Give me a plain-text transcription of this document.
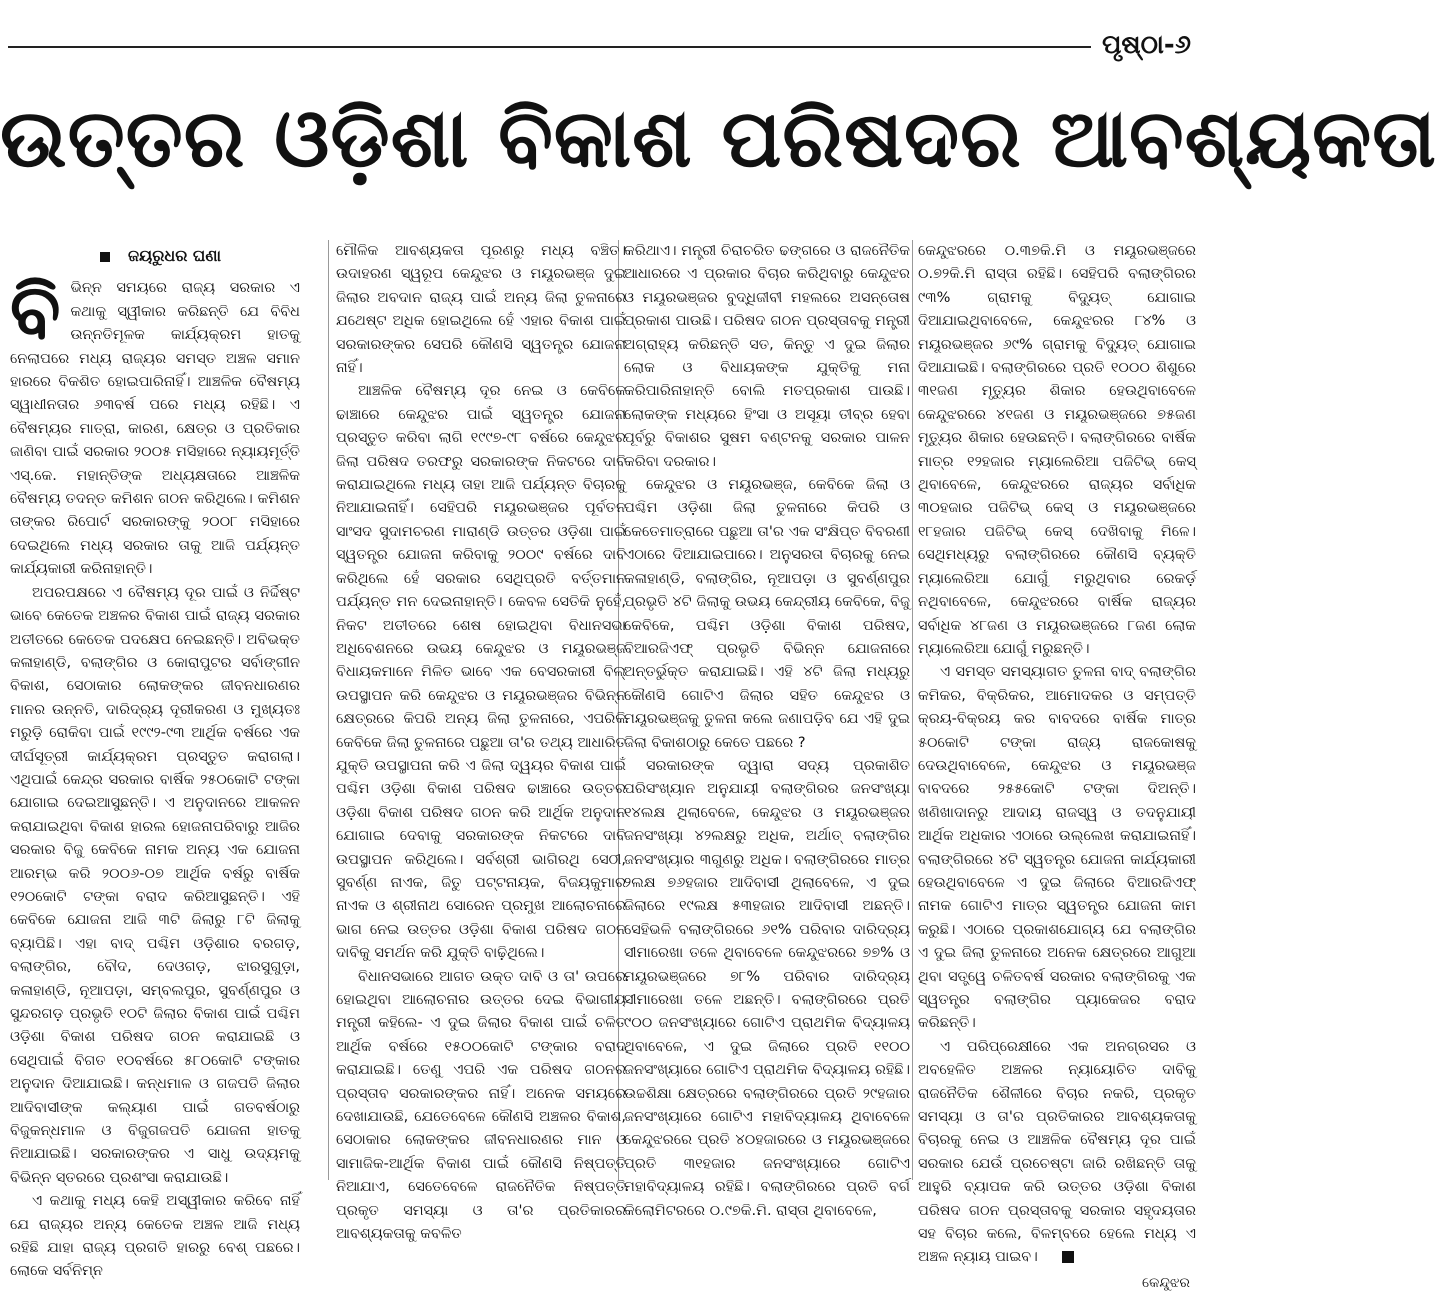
ପୃଷ୍ଠା-୬
ଉତ୍ତର ଓଡ଼ିଶା ବିକାଶ ପରିଷଦର ଆବଶ୍ୟକତା
ଜୟରୁଧର ଘଣା

ବିଭିନ୍ନ ସମୟରେ ରାଜ୍ୟ ସରକାର ଏ କଥାକୁ ସ୍ୱୀକାର କରିଛନ୍ତି ଯେ ବିବିଧ ଉନ୍ନତିମୂଳକ କାର୍ଯ୍ୟକ୍ରମ ହାତକୁ ନେଲାପରେ ମଧ୍ୟ ରାଜ୍ୟର ସମସ୍ତ ଅଞ୍ଚଳ ସମାନ ହାରରେ ବିକଶିତ ହୋଇପାରିନାହିଁ। ଆଞ୍ଚଳିକ ବୈଷମ୍ୟ ସ୍ୱାଧୀନତାର ୬୩ବର୍ଷ ପରେ ମଧ୍ୟ ରହିଛି। ଏ ବୈଷମ୍ୟର ମାତ୍ରା, କାରଣ, କ୍ଷେତ୍ର ଓ ପ୍ରତିକାର ଜାଣିବା ପାଇଁ ସରକାର ୨୦୦୫ ମସିହାରେ ନ୍ୟାୟମୂର୍ତ୍ତି ଏସ୍.କେ. ମହାନ୍ତିଙ୍କ ଅଧ୍ୟକ୍ଷତାରେ ଆଞ୍ଚଳିକ ବୈଷମ୍ୟ ତଦନ୍ତ କମିଶନ ଗଠନ କରିଥିଲେ। କମିଶନ ତାଙ୍କର ରିପୋର୍ଟ ସରକାରଙ୍କୁ ୨୦୦୮ ମସିହାରେ ଦେଇଥିଲେ ମଧ୍ୟ ସରକାର ତାକୁ ଆଜି ପର୍ଯ୍ୟନ୍ତ କାର୍ଯ୍ୟକାରୀ କରିନାହାନ୍ତି।

ଅପରପକ୍ଷରେ ଏ ବୈଷମ୍ୟ ଦୂର ପାଇଁ ଓ ନିର୍ଦ୍ଦିଷ୍ଟ ଭାବେ କେତେକ ଅଞ୍ଚଳର ବିକାଶ ପାଇଁ ରାଜ୍ୟ ସରକାର ଅତୀତରେ କେତେକ ପଦକ୍ଷେପ ନେଇଛନ୍ତି। ଅବିଭକ୍ତ କଳାହାଣ୍ଡି, ବଲାଙ୍ଗିର ଓ କୋରାପୁଟର ସର୍ବାଙ୍ଗୀନ ବିକାଶ, ସେଠାକାର ଲୋକଙ୍କର ଜୀବନଧାରଣର ମାନର ଉନ୍ନତି, ଦାରିଦ୍ର୍ୟ ଦୂରୀକରଣ ଓ ମୁଖ୍ୟତଃ ମରୁଡ଼ି ରୋକିବା ପାଇଁ ୧୯୯୨-୯୩ ଆର୍ଥିକ ବର୍ଷରେ ଏକ ଦୀର୍ଘସୂତ୍ରୀ କାର୍ଯ୍ୟକ୍ରମ ପ୍ରସ୍ତୁତ କରାଗଲା। ଏଥିପାଇଁ କେନ୍ଦ୍ର ସରକାର ବାର୍ଷିକ ୨୫୦କୋଟି ଟଙ୍କା ଯୋଗାଇ ଦେଇଆସୁଛନ୍ତି। ଏ ଅନୁଦାନରେ ଆକଳନ କରାଯାଇଥିବା ବିକାଶ ହାରଲ ହୋଜନାପରିବାରୁ ଆଜିର ସରକାର ବିଜୁ କେବିକେ ନାମକ ଅନ୍ୟ ଏକ ଯୋଜନା ଆରମ୍ଭ କରି ୨୦୦୬-୦୭ ଆର୍ଥିକ ବର୍ଷରୁ ବାର୍ଷିକ ୧୨୦କୋଟି ଟଙ୍କା ବରାଦ କରିଆସୁଛନ୍ତି। ଏହି କେବିକେ ଯୋଜନା ଆଜି ୩ଟି ଜିଲାରୁ ୮ଟି ଜିଲାକୁ ବ୍ୟାପିଛି। ଏହା ବାଦ୍ ପଶ୍ଚିମ ଓଡ଼ିଶାର ବରଗଡ଼, ବଲାଙ୍ଗିର, ବୌଦ, ଦେଓଗଡ଼, ଝାରସୁଗୁଡ଼ା, କଳାହାଣ୍ଡି, ନୂଆପଡ଼ା, ସମ୍ବଲପୁର, ସୁବର୍ଣ୍ଣପୁର ଓ ସୁନ୍ଦରଗଡ଼ ପ୍ରଭୃତି ୧୦ଟି ଜିଲାର ବିକାଶ ପାଇଁ ପଶ୍ଚିମ ଓଡ଼ିଶା ବିକାଶ ପରିଷଦ ଗଠନ କରାଯାଇଛି ଓ ସେଥିପାଇଁ ବିଗତ ୧୦ବର୍ଷରେ ୫୮୦କୋଟି ଟଙ୍କାର ଅନୁଦାନ ଦିଆଯାଇଛି। କନ୍ଧମାଳ ଓ ଗଜପତି ଜିଲାର ଆଦିବାସୀଙ୍କ କଲ୍ୟାଣ ପାଇଁ ଗତବର୍ଷଠାରୁ ବିଜୁକନ୍ଧମାଳ ଓ ବିଜୁଗଜପତି ଯୋଜନା ହାତକୁ ନିଆଯାଇଛି। ସରକାରଙ୍କର ଏ ସାଧୁ ଉଦ୍ୟମକୁ ବିଭିନ୍ନ ସ୍ତରରେ ପ୍ରଶଂସା କରାଯାଉଛି।

ଏ କଥାକୁ ମଧ୍ୟ କେହି ଅସ୍ୱୀକାର କରିବେ ନାହିଁ ଯେ ରାଜ୍ୟର ଅନ୍ୟ କେତେକ ଅଞ୍ଚଳ ଆଜି ମଧ୍ୟ ରହିଛି ଯାହା ରାଜ୍ୟ ପ୍ରଗତି ହାରରୁ ବେଶ୍ ପଛରେ। ଲୋକେ ସର୍ବନିମ୍ନ

ମୌଳିକ ଆବଶ୍ୟକତା ପୂରଣରୁ ମଧ୍ୟ ବଞ୍ଚିତ। ଉଦାହରଣ ସ୍ୱରୂପ କେନ୍ଦୁଝର ଓ ମୟୂରଭଞ୍ଜ ଦୁଇ ଜିଲାର ଅବଦାନ ରାଜ୍ୟ ପାଇଁ ଅନ୍ୟ ଜିଲା ତୁଳନାରେ ଯଥେଷ୍ଟ ଅଧିକ ହୋଇଥିଲେ ହେଁ ଏହାର ବିକାଶ ପାଇଁ ସରକାରଙ୍କର ସେପରି କୌଣସି ସ୍ୱତନ୍ତ୍ର ଯୋଜନା ନାହିଁ।

ଆଞ୍ଚଳିକ ବୈଷମ୍ୟ ଦୂର ନେଇ ଓ କେବିକେ ଢାଞ୍ଚାରେ କେନ୍ଦୁଝର ପାଇଁ ସ୍ୱତନ୍ତ୍ର ଯୋଜନା ପ୍ରସ୍ତୁତ କରିବା ଲାଗି ୧୯୯୭-୯୮ ବର୍ଷରେ କେନ୍ଦୁଝର ଜିଲା ପରିଷଦ ତରଫରୁ ସରକାରଙ୍କ ନିକଟରେ ଦାବି କରାଯାଇଥିଲେ ମଧ୍ୟ ତାହା ଆଜି ପର୍ଯ୍ୟନ୍ତ ବିଚାରକୁ ନିଆଯାଇନାହିଁ। ସେହିପରି ମୟୂରଭଞ୍ଜର ପୂର୍ବତନ ସାଂସଦ ସୁଦାମଚରଣ ମାରାଣ୍ଡି ଉତ୍ତର ଓଡ଼ିଶା ପାଇଁ ସ୍ୱତନ୍ତ୍ର ଯୋଜନା କରିବାକୁ ୨୦୦୯ ବର୍ଷରେ ଦାବି କରିଥିଲେ ହେଁ ସରକାର ସେଥିପ୍ରତି ବର୍ତ୍ତମାନ ପର୍ଯ୍ୟନ୍ତ ମନ ଦେଇନାହାନ୍ତି। କେବଳ ସେତିକି ନୁହେଁ, ନିକଟ ଅତୀତରେ ଶେଷ ହୋଇଥିବା ବିଧାନସଭା ଅଧିବେଶନରେ ଉଭୟ କେନ୍ଦୁଝର ଓ ମୟୂରଭଞ୍ଜ ବିଧାୟକମାନେ ମିଳିତ ଭାବେ ଏକ ବେସରକାରୀ ବିଲ୍ ଉପସ୍ଥାପନ କରି କେନ୍ଦୁଝର ଓ ମୟୂରଭଞ୍ଜର ବିଭିନ୍ନ କ୍ଷେତ୍ରରେ କିପରି ଅନ୍ୟ ଜିଲା ତୁଳନାରେ, ଏପରିକି କେବିକେ ଜିଲା ତୁଳନାରେ ପଛୁଆ ତା'ର ତଥ୍ୟ ଆଧାରିତ ଯୁକ୍ତି ଉପସ୍ଥାପନା କରି ଏ ଜିଲା ଦ୍ୱୟର ବିକାଶ ପାଇଁ ପଶ୍ଚିମ ଓଡ଼ିଶା ବିକାଶ ପରିଷଦ ଢାଞ୍ଚାରେ ଉତ୍ତର ଓଡ଼ିଶା ବିକାଶ ପରିଷଦ ଗଠନ କରି ଆର୍ଥିକ ଅନୁଦାନ ଯୋଗାଇ ଦେବାକୁ ସରକାରଙ୍କ ନିକଟରେ ଦାବି ଉପସ୍ଥାପନ କରିଥିଲେ। ସର୍ବଶ୍ରୀ ଭାଗିରଥି ସେଠୀ, ସୁବର୍ଣ୍ଣ ନାଏକ, ଜିତୁ ପଟ୍ଟନାୟକ, ବିଜୟକୁମାର ନାଏକ ଓ ଶ୍ରୀନାଥ ସୋରେନ ପ୍ରମୁଖ ଆଲୋଚନାରେ ଭାଗ ନେଇ ଉତ୍ତର ଓଡ଼ିଶା ବିକାଶ ପରିଷଦ ଗଠନ ଦାବିକୁ ସମର୍ଥନ କରି ଯୁକ୍ତି ବାଢ଼ିଥିଲେ।

ବିଧାନସଭାରେ ଆଗତ ଉକ୍ତ ଦାବି ଓ ତା' ଉପରେ ହୋଇଥିବା ଆଲୋଚନାର ଉତ୍ତର ଦେଇ ବିଭାଗୀୟ ମନ୍ତ୍ରୀ କହିଲେ- ଏ ଦୁଇ ଜିଲାର ବିକାଶ ପାଇଁ ଚଳିତ ଆର୍ଥିକ ବର୍ଷରେ ୧୫୦୦କୋଟି ଟଙ୍କାର ବରାଦ କରାଯାଇଛି। ତେଣୁ ଏପରି ଏକ ପରିଷଦ ଗଠନର ପ୍ରସ୍ତାବ ସରକାରଙ୍କର ନାହିଁ। ଅନେକ ସମୟରେ ଦେଖାଯାଉଛି, ଯେତେବେଳେ କୌଣସି ଅଞ୍ଚଳର ବିକାଶ, ସେଠାକାର ଲୋକଙ୍କର ଜୀବନଧାରଣର ମାନ ଓ ସାମାଜିକ-ଆର୍ଥିକ ବିକାଶ ପାଇଁ କୌଣସି ନିଷ୍ପତ୍ତି ନିଆଯାଏ, ସେତେବେଳେ ରାଜନୈତିକ ନିଷ୍ପତ୍ତି ପ୍ରକୃତ ସମସ୍ୟା ଓ ତା'ର ପ୍ରତିକାରର ଆବଶ୍ୟକତାକୁ କବଳିତ

କରିଥାଏ। ମନ୍ତ୍ରୀ ଚିରାଚରିତ ଢଙ୍ଗରେ ଓ ରାଜନୈତିକ ଆଧାରରେ ଏ ପ୍ରକାର ବିଚାର କରିଥିବାରୁ କେନ୍ଦୁଝର ଓ ମୟୂରଭଞ୍ଜର ବୁଦ୍ଧିଜୀବୀ ମହଲରେ ଅସନ୍ତୋଷ ପ୍ରକାଶ ପାଉଛି। ପରିଷଦ ଗଠନ ପ୍ରସ୍ତାବକୁ ମନ୍ତ୍ରୀ ଅଗ୍ରାହ୍ୟ କରିଛନ୍ତି ସତ, କିନ୍ତୁ ଏ ଦୁଇ ଜିଲାର ଲୋକ ଓ ବିଧାୟକଙ୍କ ଯୁକ୍ତିକୁ ମନା କରିପାରିନାହାନ୍ତି ବୋଲି ମତପ୍ରକାଶ ପାଉଛି। ଲୋକଙ୍କ ମଧ୍ୟରେ ହିଂସା ଓ ଅସୂୟା ତୀବ୍ର ହେବା ପୂର୍ବରୁ ବିକାଶର ସୁଷମ ବଣ୍ଟନକୁ ସରକାର ପାଳନ କରିବା ଦରକାର।

କେନ୍ଦୁଝର ଓ ମୟୂରଭଞ୍ଜ, କେବିକେ ଜିଲା ଓ ପଶ୍ଚିମ ଓଡ଼ିଶା ଜିଲା ତୁଳନାରେ କିପରି ଓ କେତେମାତ୍ରାରେ ପଛୁଆ ତା'ର ଏକ ସଂକ୍ଷିପ୍ତ ବିବରଣୀ ଏଠାରେ ଦିଆଯାଇପାରେ। ଅନୁସରତା ବିଚାରକୁ ନେଇ କଳାହାଣ୍ଡି, ବଲାଙ୍ଗିର, ନୂଆପଡ଼ା ଓ ସୁବର୍ଣ୍ଣପୁର ପ୍ରଭୃତି ୪ଟି ଜିଲାକୁ ଉଭୟ କେନ୍ଦ୍ରୀୟ କେବିକେ, ବିଜୁ କେବିକେ, ପଶ୍ଚିମ ଓଡ଼ିଶା ବିକାଶ ପରିଷଦ, ବିଆରଜିଏଫ୍ ପ୍ରଭୃତି ବିଭିନ୍ନ ଯୋଜନାରେ ଅନ୍ତର୍ଭୁକ୍ତ କରାଯାଇଛି। ଏହି ୪ଟି ଜିଲା ମଧ୍ୟରୁ କୌଣସି ଗୋଟିଏ ଜିଲାର ସହିତ କେନ୍ଦୁଝର ଓ ମୟୂରଭଞ୍ଜକୁ ତୁଳନା କଲେ ଜଣାପଡ଼ିବ ଯେ ଏହି ଦୁଇ ଜିଲା ବିକାଶଠାରୁ କେତେ ପଛରେ ?

ସରକାରଙ୍କ ଦ୍ୱାରା ସଦ୍ୟ ପ୍ରକାଶିତ ପରିସଂଖ୍ୟାନ ଅନୁଯାୟୀ ବଲାଙ୍ଗିରର ଜନସଂଖ୍ୟା ୧୪ଲକ୍ଷ ଥିଲାବେଳେ, କେନ୍ଦୁଝର ଓ ମୟୂରଭଞ୍ଜର ଜନସଂଖ୍ୟା ୪୨ଲକ୍ଷରୁ ଅଧିକ, ଅର୍ଥାତ୍ ବଲାଙ୍ଗିର ଜନସଂଖ୍ୟାର ୩ଗୁଣରୁ ଅଧିକ। ବଲାଙ୍ଗିରରେ ମାତ୍ର ୨ଲକ୍ଷ ୭୬ହଜାର ଆଦିବାସୀ ଥିଲାବେଳେ, ଏ ଦୁଇ ଜିଲାରେ ୧୯ଲକ୍ଷ ୫୩ହଜାର ଆଦିବାସୀ ଅଛନ୍ତି। ସେହିଭଳି ବଲାଙ୍ଗିରରେ ୬୧% ପରିବାର ଦାରିଦ୍ର୍ୟ ସୀମାରେଖା ତଳେ ଥିବାବେଳେ କେନ୍ଦୁଝରରେ ୭୭% ଓ ମୟୂରଭଞ୍ଜରେ ୭୮% ପରିବାର ଦାରିଦ୍ର୍ୟ ସୀମାରେଖା ତଳେ ଅଛନ୍ତି। ବଲାଙ୍ଗିରରେ ପ୍ରତି ୯୦୦ ଜନସଂଖ୍ୟାରେ ଗୋଟିଏ ପ୍ରାଥମିକ ବିଦ୍ୟାଳୟ ଥିବାବେଳେ, ଏ ଦୁଇ ଜିଲାରେ ପ୍ରତି ୧୧୦୦ ଜନସଂଖ୍ୟାରେ ଗୋଟିଏ ପ୍ରାଥମିକ ବିଦ୍ୟାଳୟ ରହିଛି। ଉଚ୍ଚଶିକ୍ଷା କ୍ଷେତ୍ରରେ ବଲାଙ୍ଗିରରେ ପ୍ରତି ୨୯ହଜାର ଜନସଂଖ୍ୟାରେ ଗୋଟିଏ ମହାବିଦ୍ୟାଳୟ ଥିବାବେଳେ କେନ୍ଦୁଝରରେ ପ୍ରତି ୪୦ହଜାରରେ ଓ ମୟୂରଭଞ୍ଜରେ ପ୍ରତି ୩୧ହଜାର ଜନସଂଖ୍ୟାରେ ଗୋଟିଏ ମହାବିଦ୍ୟାଳୟ ରହିଛି। ବଲାଙ୍ଗିରରେ ପ୍ରତି ବର୍ଗ କିଲୋମିଟରରେ ୦.୯୭କି.ମି. ରାସ୍ତା ଥିବାବେଳେ,

କେନ୍ଦୁଝରରେ ୦.୩୭କି.ମି ଓ ମୟୂରଭଞ୍ଜରେ ୦.୭୨କି.ମି ରାସ୍ତା ରହିଛି। ସେହିପରି ବଲାଙ୍ଗିରର ୯୩% ଗ୍ରାମକୁ ବିଦ୍ୟୁତ୍ ଯୋଗାଇ ଦିଆଯାଇଥିବାବେଳେ, କେନ୍ଦୁଝରର ୮୪% ଓ ମୟୂରଭଞ୍ଜର ୬୯% ଗ୍ରାମକୁ ବିଦ୍ୟୁତ୍ ଯୋଗାଇ ଦିଆଯାଇଛି। ବଲାଙ୍ଗିରରେ ପ୍ରତି ୧୦୦୦ ଶିଶୁରେ ୩୧ଜଣ ମୃତ୍ୟୁର ଶିକାର ହେଉଥିବାବେଳେ କେନ୍ଦୁଝରରେ ୪୧ଜଣ ଓ ମୟୂରଭଞ୍ଜରେ ୭୫ଜଣ ମୃତ୍ୟୁର ଶିକାର ହେଉଛନ୍ତି। ବଲାଙ୍ଗିରରେ ବାର୍ଷିକ ମାତ୍ର ୧୨ହଜାର ମ୍ୟାଲେରିଆ ପଜିଟିଭ୍ କେସ୍ ଥିବାବେଳେ, କେନ୍ଦୁଝରରେ ରାଜ୍ୟର ସର୍ବାଧିକ ୩୦ହଜାର ପଜିଟିଭ୍ କେସ୍ ଓ ମୟୂରଭଞ୍ଜରେ ୧୮ହଜାର ପଜିଟିଭ୍ କେସ୍ ଦେଖିବାକୁ ମିଳେ। ସେଥିମଧ୍ୟରୁ ବଲାଙ୍ଗିରରେ କୌଣସି ବ୍ୟକ୍ତି ମ୍ୟାଲେରିଆ ଯୋଗୁଁ ମରୁଥିବାର ରେକର୍ଡ଼ ନଥିବାବେଳେ, କେନ୍ଦୁଝରରେ ବାର୍ଷିକ ରାଜ୍ୟର ସର୍ବାଧିକ ୪୮ଜଣ ଓ ମୟୂରଭଞ୍ଜରେ ୮ଜଣ ଲୋକ ମ୍ୟାଲେରିଆ ଯୋଗୁଁ ମରୁଛନ୍ତି।

ଏ ସମସ୍ତ ସମସ୍ୟାଗତ ତୁଳନା ବାଦ୍ ବଲାଙ୍ଗିର କମିକର, ବିକ୍ରିକର, ଆମୋଦକର ଓ ସମ୍ପତ୍ତି କ୍ରୟ-ବିକ୍ରୟ କର ବାବଦରେ ବାର୍ଷିକ ମାତ୍ର ୫୦କୋଟି ଟଙ୍କା ରାଜ୍ୟ ରାଜକୋଷକୁ ଦେଉଥିବାବେଳେ, କେନ୍ଦୁଝର ଓ ମୟୂରଭଞ୍ଜ ବାବଦରେ ୨୫୫କୋଟି ଟଙ୍କା ଦିଅନ୍ତି। ଖଣିଖାଦାନରୁ ଆଦାୟ ରାଜସ୍ୱ ଓ ତଦନୁଯାୟୀ ଆର୍ଥିକ ଅଧିକାର ଏଠାରେ ଉଲ୍ଲେଖ କରାଯାଇନାହିଁ। ବଲାଙ୍ଗିରରେ ୪ଟି ସ୍ୱତନ୍ତ୍ର ଯୋଜନା କାର୍ଯ୍ୟକାରୀ ହେଉଥିବାବେଳେ ଏ ଦୁଇ ଜିଲାରେ ବିଆରଜିଏଫ୍ ନାମକ ଗୋଟିଏ ମାତ୍ର ସ୍ୱତନ୍ତ୍ର ଯୋଜନା କାମ କରୁଛି। ଏଠାରେ ପ୍ରକାଶଯୋଗ୍ୟ ଯେ ବଲାଙ୍ଗିର ଏ ଦୁଇ ଜିଲା ତୁଳନାରେ ଅନେକ କ୍ଷେତ୍ରରେ ଆଗୁଆ ଥିବା ସତ୍ତ୍ୱେ ଚଳିତବର୍ଷ ସରକାର ବଲାଙ୍ଗିରକୁ ଏକ ସ୍ୱତନ୍ତ୍ର ବଲାଙ୍ଗିର ପ୍ୟାକେଜର ବରାଦ କରିଛନ୍ତି।

ଏ ପରିପ୍ରେକ୍ଷୀରେ ଏକ ଅନଗ୍ରସର ଓ ଅବହେଳିତ ଅଞ୍ଚଳର ନ୍ୟାୟୋଚିତ ଦାବିକୁ ରାଜନୈତିକ ଶୈଳୀରେ ବିଚାର ନକରି, ପ୍ରକୃତ ସମସ୍ୟା ଓ ତା'ର ପ୍ରତିକାରର ଆବଶ୍ୟକତାକୁ ବିଚାରକୁ ନେଇ ଓ ଆଞ୍ଚଳିକ ବୈଷମ୍ୟ ଦୂର ପାଇଁ ସରକାର ଯେଉଁ ପ୍ରଚେଷ୍ଟା ଜାରି ରଖିଛନ୍ତି ତାକୁ ଆହୁରି ବ୍ୟାପକ କରି ଉତ୍ତର ଓଡ଼ିଶା ବିକାଶ ପରିଷଦ ଗଠନ ପ୍ରସ୍ତାବକୁ ସରକାର ସହୃଦୟତାର ସହ ବିଚାର କଲେ, ବିଳମ୍ବରେ ହେଲେ ମଧ୍ୟ ଏ ଅଞ୍ଚଳ ନ୍ୟାୟ ପାଇବ।

କେନ୍ଦୁଝର
